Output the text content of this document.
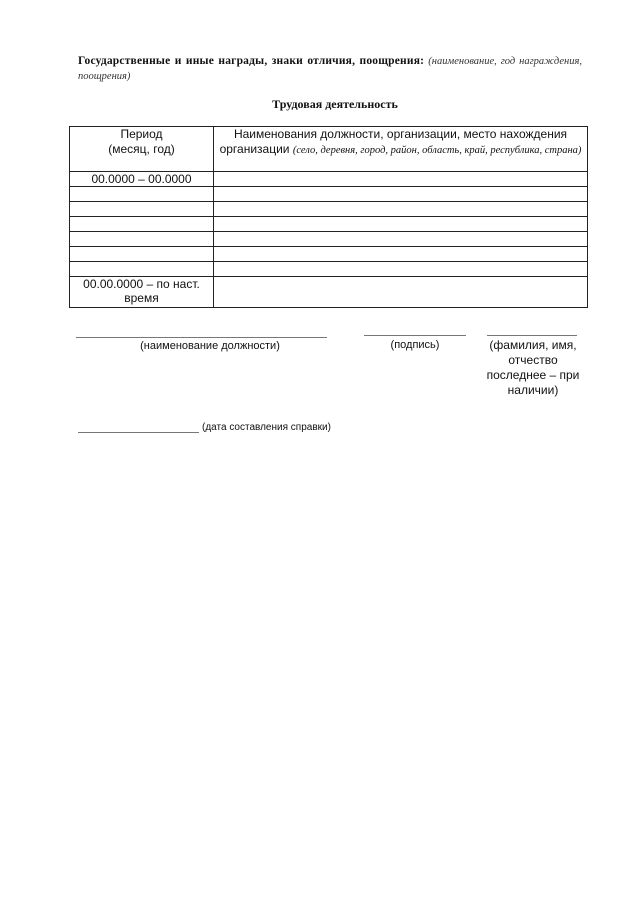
Государственные и иные награды, знаки отличия, поощрения: (наименование, год награждения, поощрения)
Трудовая деятельность
Период
(месяц, год)	Наименования должности, организации, место нахождения организации (село, деревня, город, район, область, край, республика, страна)
00.0000 – 00.0000	

00.00.0000 – по наст. время	
(наименование должности)	(подпись)	(фамилия, имя, отчество последнее – при наличии)
(дата составления справки)
